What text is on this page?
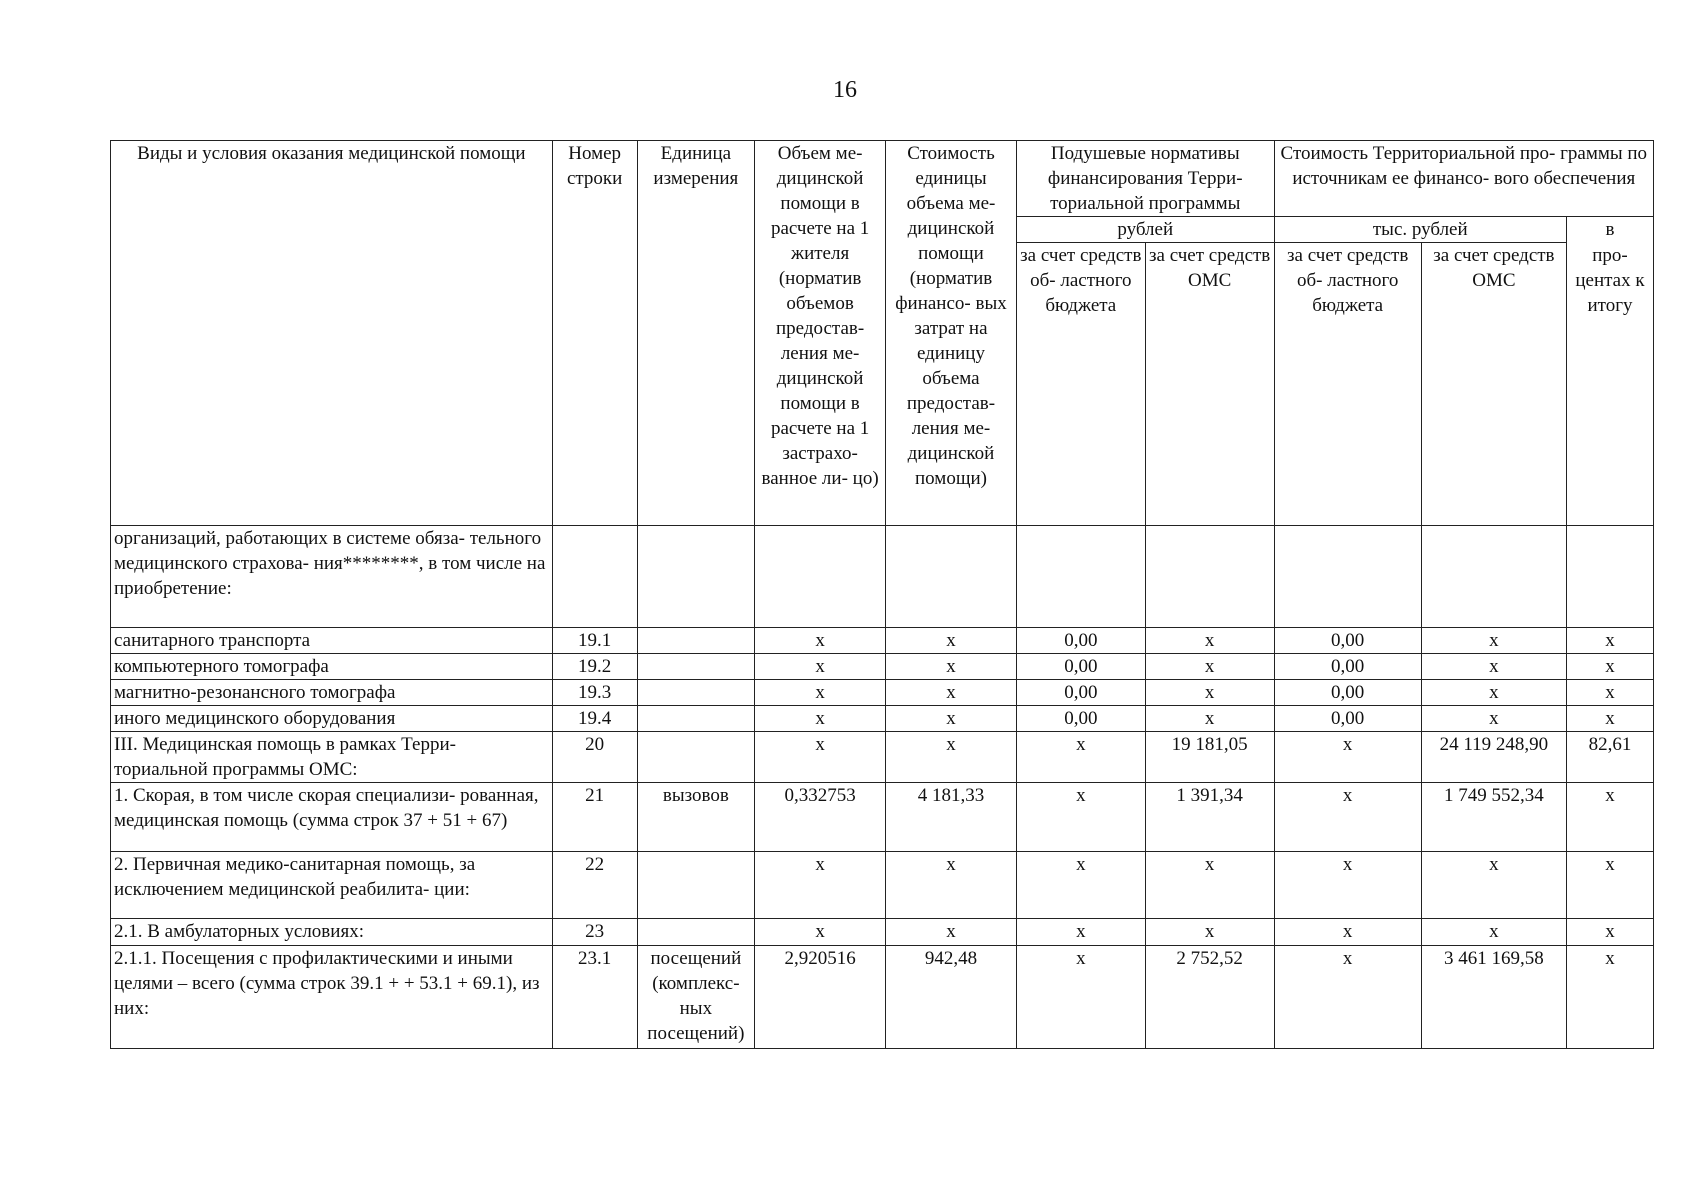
16
Виды и условия оказания медицинской помощи	Номер строки	Единица измерения	Объем ме- дицинской помощи в расчете на 1 жителя (норматив объемов предостав- ления ме- дицинской помощи в расчете на 1 застрахо- ванное ли- цо)	Стоимость единицы объема ме- дицинской помощи (норматив финансо- вых затрат на единицу объема предостав- ления ме- дицинской помощи)	Подушевые нормативы финансирования Терри- ториальной программы		Стоимость Территориальной про- граммы по источникам ее финансо- вого обеспечения		
					рублей		тыс. рублей		в
					за счет средств об- ластного бюджета	за счет средств ОМС	за счет средств об- ластного бюджета	за счет средств ОМС	про- центах к итогу
организаций, работающих в системе обяза- тельного медицинского страхова- ния********, в том числе на приобретение:									
санитарного транспорта	19.1		х	х	0,00	х	0,00	х	х
компьютерного томографа	19.2		х	х	0,00	х	0,00	х	х
магнитно-резонансного томографа	19.3		х	х	0,00	х	0,00	х	х
иного медицинского оборудования	19.4		х	х	0,00	х	0,00	х	х
III. Медицинская помощь в рамках Терри- ториальной программы ОМС:	20		х	х	х	19 181,05	х	24 119 248,90	82,61
1. Скорая, в том числе скорая специализи- рованная, медицинская помощь (сумма строк 37 + 51 + 67)	21	вызовов	0,332753	4 181,33	х	1 391,34	х	1 749 552,34	х
2. Первичная медико-санитарная помощь, за исключением медицинской реабилита- ции:	22		х	х	х	х	х	х	х
2.1. В амбулаторных условиях:	23		х	х	х	х	х	х	х
2.1.1. Посещения с профилактическими и иными целями – всего (сумма строк 39.1 + + 53.1 + 69.1), из них:	23.1	посещений (комплекс- ных посещений)	2,920516	942,48	х	2 752,52	х	3 461 169,58	х
